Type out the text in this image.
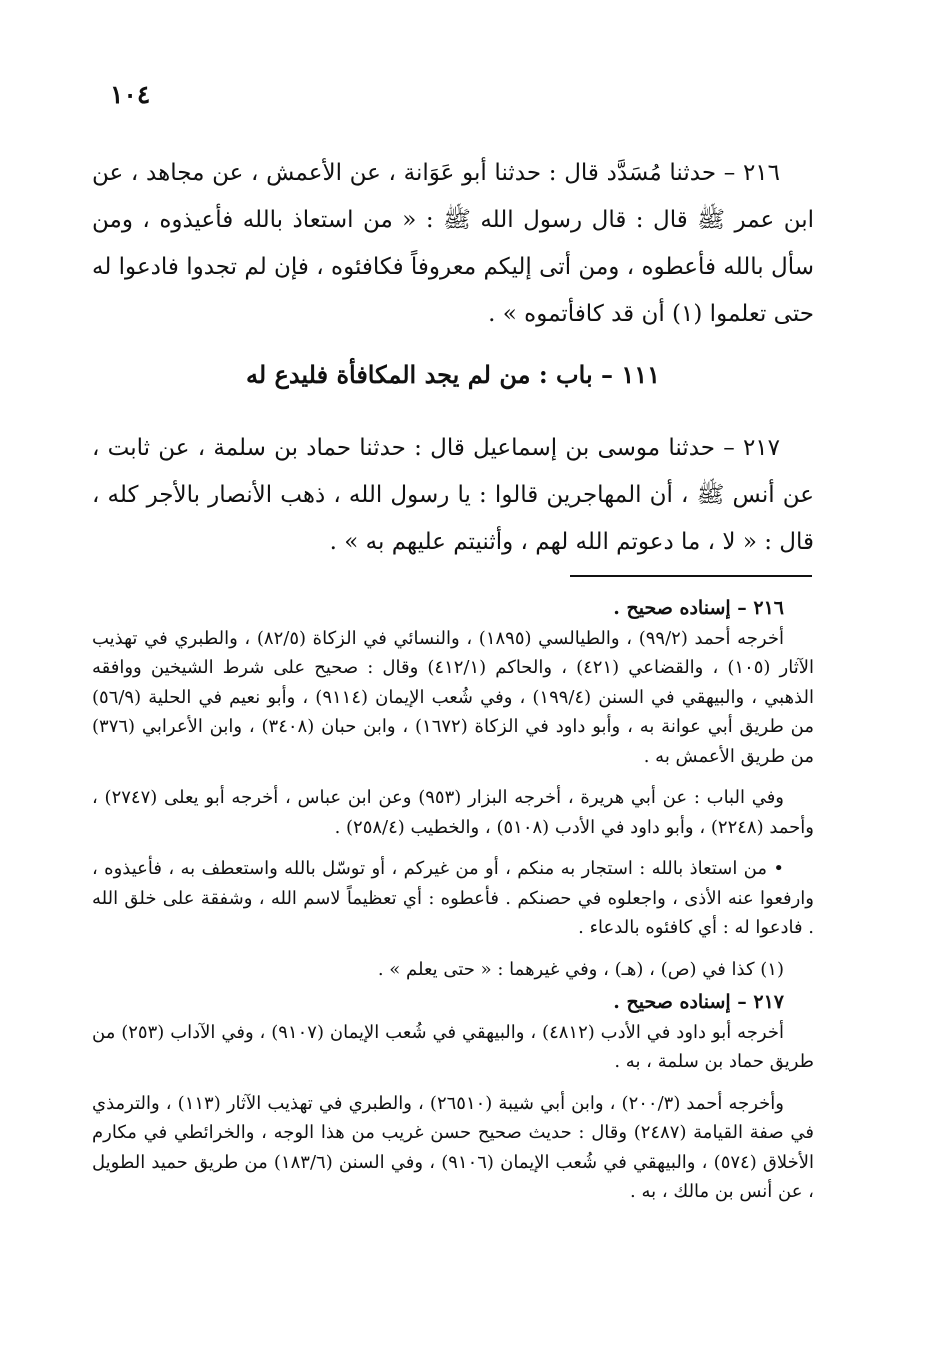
١٠٤

٢١٦ – حدثنا مُسَدَّد قال : حدثنا أبو عَوَانة ، عن الأعمش ، عن مجاهد ، عن ابن عمر ﷺ قال : قال رسول الله ﷺ : « من استعاذ بالله فأعيذوه ، ومن سأل بالله فأعطوه ، ومن أتى إليكم معروفاً فكافئوه ، فإن لم تجدوا فادعوا له حتى تعلموا (١) أن قد كافأتموه » .

١١١ – باب : من لم يجد المكافأة فليدع له

٢١٧ – حدثنا موسى بن إسماعيل قال : حدثنا حماد بن سلمة ، عن ثابت ، عن أنس ﷺ ، أن المهاجرين قالوا : يا رسول الله ، ذهب الأنصار بالأجر كله ، قال : « لا ، ما دعوتم الله لهم ، وأثنيتم عليهم به » .

٢١٦ – إسناده صحيح .

أخرجه أحمد (٩٩/٢) ، والطيالسي (١٨٩٥) ، والنسائي في الزكاة (٨٢/٥) ، والطبري في تهذيب الآثار (١٠٥) ، والقضاعي (٤٢١) ، والحاكم (٤١٢/١) وقال : صحيح على شرط الشيخين ووافقه الذهبي ، والبيهقي في السنن (١٩٩/٤) ، وفي شُعب الإيمان (٩١١٤) ، وأبو نعيم في الحلية (٥٦/٩) من طريق أبي عوانة به ، وأبو داود في الزكاة (١٦٧٢) ، وابن حبان (٣٤٠٨) ، وابن الأعرابي (٣٧٦) من طريق الأعمش به .

وفي الباب : عن أبي هريرة ، أخرجه البزار (٩٥٣) وعن ابن عباس ، أخرجه أبو يعلى (٢٧٤٧) ، وأحمد (٢٢٤٨) ، وأبو داود في الأدب (٥١٠٨) ، والخطيب (٢٥٨/٤) .

• من استعاذ بالله : استجار به منكم ، أو من غيركم ، أو توسّل بالله واستعطف به ، فأعيذوه ، وارفعوا عنه الأذى ، واجعلوه في حصنكم . فأعطوه : أي تعظيماً لاسم الله ، وشفقة على خلق الله . فادعوا له : أي كافئوه بالدعاء .

(١) كذا في (ص) ، (هـ) ، وفي غيرهما : « حتى يعلم » .

٢١٧ – إسناده صحيح .

أخرجه أبو داود في الأدب (٤٨١٢) ، والبيهقي في شُعب الإيمان (٩١٠٧) ، وفي الآداب (٢٥٣) من طريق حماد بن سلمة ، به .

وأخرجه أحمد (٢٠٠/٣) ، وابن أبي شيبة (٢٦٥١٠) ، والطبري في تهذيب الآثار (١١٣) ، والترمذي في صفة القيامة (٢٤٨٧) وقال : حديث صحيح حسن غريب من هذا الوجه ، والخرائطي في مكارم الأخلاق (٥٧٤) ، والبيهقي في شُعب الإيمان (٩١٠٦) ، وفي السنن (١٨٣/٦) من طريق حميد الطويل ، عن أنس بن مالك ، به .
